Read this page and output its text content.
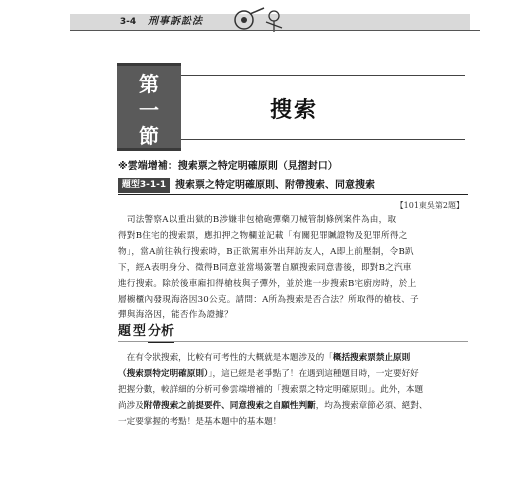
3-4	刑事訴訟法
第
一
節
搜索
※雲端增補：搜索票之特定明確原則（見摺封口）
題型3-1-1 搜索票之特定明確原則、附帶搜索、同意搜索
【101東吳第2題】
　司法警察A以重出獄的B涉嫌非包槍砲彈藥刀械管制條例案件為由，取
得對B住宅的搜索票，應扣押之物欄並記載「有關犯罪贓證物及犯罪所得之
物」，當A前往執行搜索時，B正欲駕車外出拜訪友人，A即上前壓制，令B趴
下，經A表明身分、徵得B同意並當場簽署自願搜索同意書後，即對B之汽車
進行搜索。除於後車廂扣得槍枝與子彈外，並於進一步搜索B宅廚房時，於上
層櫥櫃內發現海洛因30公克。請問：A所為搜索是否合法？所取得的槍枝、子
彈與海洛因，能否作為證據？
題 型 分析
　在有令狀搜索，比較有可考性的大概就是本題涉及的「概括搜索票禁止原則
（搜索票特定明確原則）」，這已經是老爭點了！在遇到這種題目時，一定要好好
把握分數，較詳細的分析可參雲端增補的「搜索票之特定明確原則」。此外，本題
尚涉及附帶搜索之前提要件、同意搜索之自願性判斷，均為搜索章節必須、絕對、
一定要掌握的考點！是基本題中的基本題！
